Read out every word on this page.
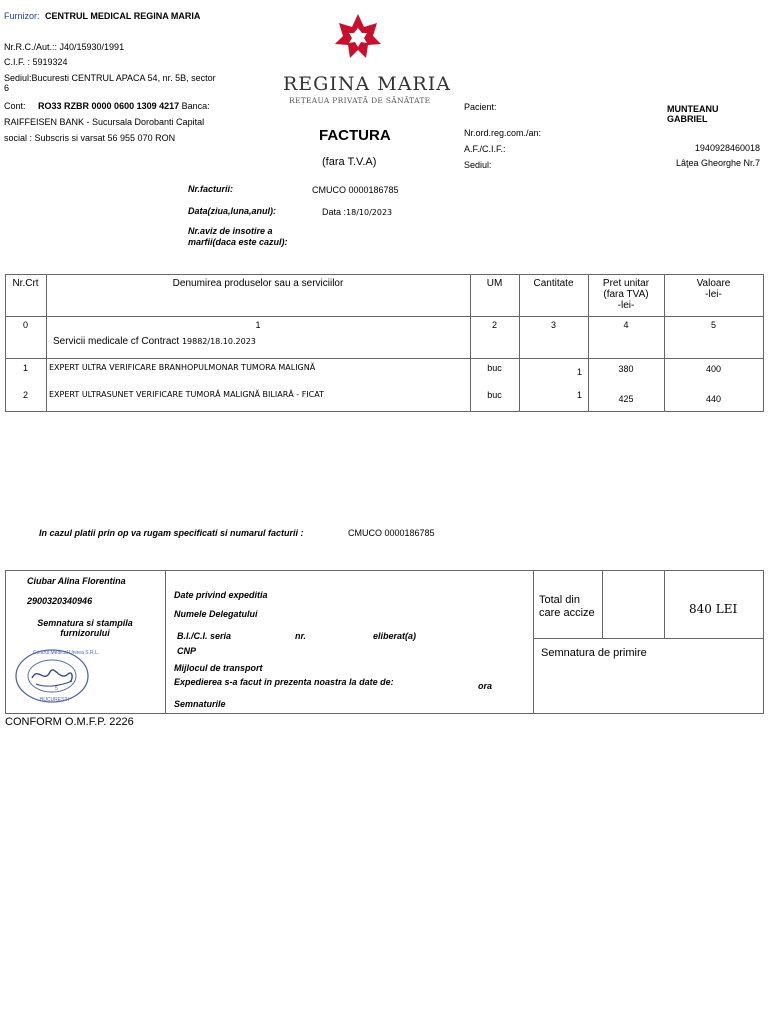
Furnizor: CENTRUL MEDICAL REGINA MARIA
Nr.R.C./Aut.:: J40/15930/1991
C.I.F. : 5919324
Sediul:Bucuresti CENTRUL APACA 54, nr. 5B, sector
6
Cont: RO33 RZBR 0000 0600 1309 4217 Banca:
RAIFFEISEN BANK - Sucursala Dorobanti Capital
social : Subscris si varsat 56 955 070 RON
REGINA MARIA
REȚEAUA PRIVATĂ DE SĂNĂTATE
FACTURA
(fara T.V.A)
Nr.facturii:	CMUCO 0000186785
Data(ziua,luna,anul):	Data :18/10/2023
Nr.aviz de insotire a
marfii(daca este cazul):
Pacient:	MUNTEANU
GABRIEL
Nr.ord.reg.com./an:
A.F./C.I.F.:	1940928460018
Sediul:	Lâţea Gheorghe Nr.7
Nr.Crt	Denumirea produselor sau a serviciilor	UM	Cantitate	Pret unitar
(fara TVA)
-lei-
Valoare
-lei-
0	1	2	3	4	5
Servicii medicale cf Contract 19882/18.10.2023
1	EXPERT ULTRA VERIFICARE BRANHOPULMONAR TUMORA MALIGNĂ	buc	1	380	400
2	EXPERT ULTRASUNET VERIFICARE TUMORĂ MALIGNĂ BILIARĂ - FICAT	buc	1	425	440
In cazul platii prin op va rugam specificati si numarul facturii :	CMUCO 0000186785
Ciubar Alina Florentina
2900320340946
Semnatura si stampila
furnizorului
Centrul Medical Unirea S.R.L.
5
BUCUREȘTI
Date privind expeditia
Numele Delegatului
B.I./C.I. seria	nr.	eliberat(a)
CNP
Mijlocul de transport
Expedierea s-a facut in prezenta noastra la date de:	ora
Semnaturile
Total din
care accize	840 LEI
Semnatura de primire
CONFORM O.M.F.P. 2226
